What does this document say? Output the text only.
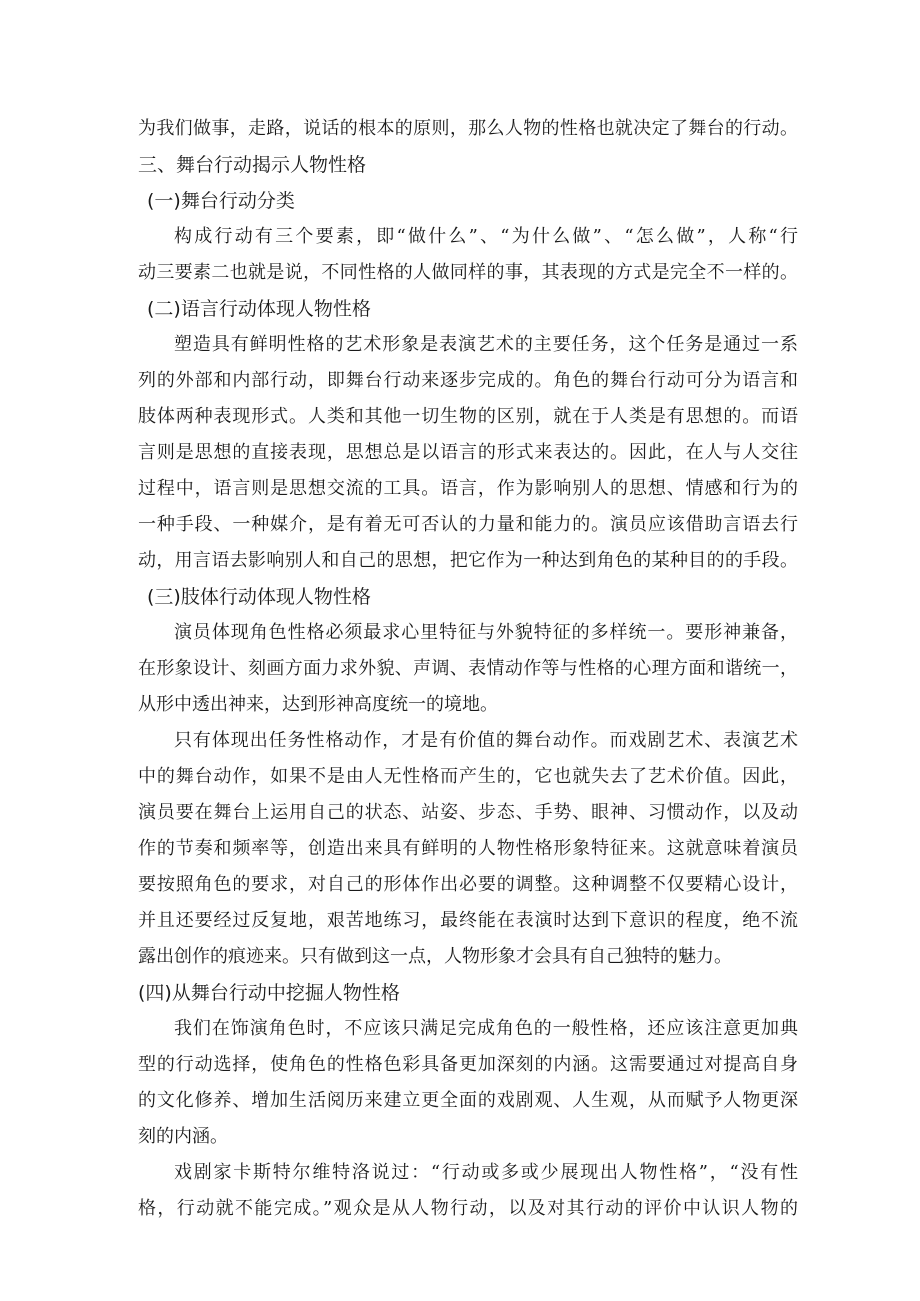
为我们做事，走路，说话的根本的原则，那么人物的性格也就决定了舞台的行动。
三、舞台行动揭示人物性格
(一)舞台行动分类
构成行动有三个要素，即“做什么”、“为什么做”、“怎么做”，人称“行
动三要素二也就是说，不同性格的人做同样的事，其表现的方式是完全不一样的。
(二)语言行动体现人物性格
塑造具有鲜明性格的艺术形象是表演艺术的主要任务，这个任务是通过一系
列的外部和内部行动，即舞台行动来逐步完成的。角色的舞台行动可分为语言和
肢体两种表现形式。人类和其他一切生物的区别，就在于人类是有思想的。而语
言则是思想的直接表现，思想总是以语言的形式来表达的。因此，在人与人交往
过程中，语言则是思想交流的工具。语言，作为影响别人的思想、情感和行为的
一种手段、一种媒介，是有着无可否认的力量和能力的。演员应该借助言语去行
动，用言语去影响别人和自己的思想，把它作为一种达到角色的某种目的的手段。
(三)肢体行动体现人物性格
演员体现角色性格必须最求心里特征与外貌特征的多样统一。要形神兼备，
在形象设计、刻画方面力求外貌、声调、表情动作等与性格的心理方面和谐统一，
从形中透出神来，达到形神高度统一的境地。
只有体现出任务性格动作，才是有价值的舞台动作。而戏剧艺术、表演艺术
中的舞台动作，如果不是由人无性格而产生的，它也就失去了艺术价值。因此，
演员要在舞台上运用自己的状态、站姿、步态、手势、眼神、习惯动作，以及动
作的节奏和频率等，创造出来具有鲜明的人物性格形象特征来。这就意味着演员
要按照角色的要求，对自己的形体作出必要的调整。这种调整不仅要精心设计，
并且还要经过反复地，艰苦地练习，最终能在表演时达到下意识的程度，绝不流
露出创作的痕迹来。只有做到这一点，人物形象才会具有自己独特的魅力。
(四)从舞台行动中挖掘人物性格
我们在饰演角色时，不应该只满足完成角色的一般性格，还应该注意更加典
型的行动选择，使角色的性格色彩具备更加深刻的内涵。这需要通过对提高自身
的文化修养、增加生活阅历来建立更全面的戏剧观、人生观，从而赋予人物更深
刻的内涵。
戏剧家卡斯特尔维特洛说过：“行动或多或少展现出人物性格”，“没有性
格，行动就不能完成。”观众是从人物行动，以及对其行动的评价中认识人物的
